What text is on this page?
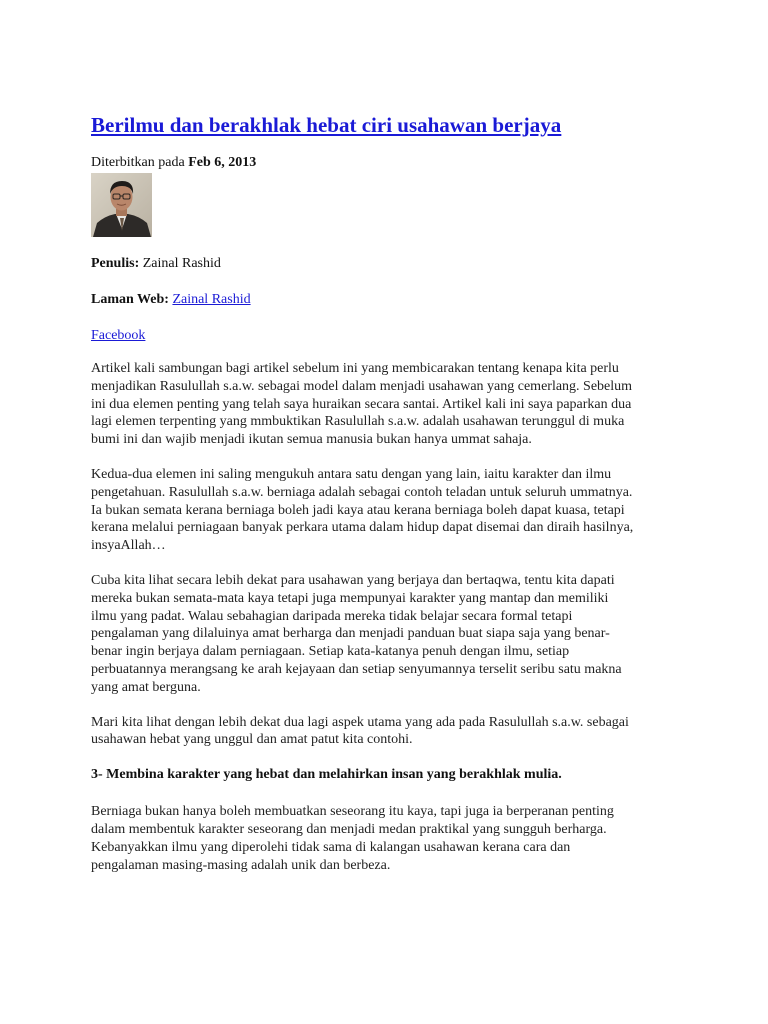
Berilmu dan berakhlak hebat ciri usahawan berjaya
Diterbitkan pada Feb 6, 2013
Penulis: Zainal Rashid
Laman Web: Zainal Rashid
Facebook
Artikel kali sambungan bagi artikel sebelum ini yang membicarakan tentang kenapa kita perlu
menjadikan Rasulullah s.a.w. sebagai model dalam menjadi usahawan yang cemerlang. Sebelum
ini dua elemen penting yang telah saya huraikan secara santai. Artikel kali ini saya paparkan dua
lagi elemen terpenting yang mmbuktikan Rasulullah s.a.w. adalah usahawan terunggul di muka
bumi ini dan wajib menjadi ikutan semua manusia bukan hanya ummat sahaja.
Kedua-dua elemen ini saling mengukuh antara satu dengan yang lain, iaitu karakter dan ilmu
pengetahuan. Rasulullah s.a.w. berniaga adalah sebagai contoh teladan untuk seluruh ummatnya.
Ia bukan semata kerana berniaga boleh jadi kaya atau kerana berniaga boleh dapat kuasa, tetapi
kerana melalui perniagaan banyak perkara utama dalam hidup dapat disemai dan diraih hasilnya,
insyaAllah…
Cuba kita lihat secara lebih dekat para usahawan yang berjaya dan bertaqwa, tentu kita dapati
mereka bukan semata-mata kaya tetapi juga mempunyai karakter yang mantap dan memiliki
ilmu yang padat. Walau sebahagian daripada mereka tidak belajar secara formal tetapi
pengalaman yang dilaluinya amat berharga dan menjadi panduan buat siapa saja yang benar-
benar ingin berjaya dalam perniagaan. Setiap kata-katanya penuh dengan ilmu, setiap
perbuatannya merangsang ke arah kejayaan dan setiap senyumannya terselit seribu satu makna
yang amat berguna.
Mari kita lihat dengan lebih dekat dua lagi aspek utama yang ada pada Rasulullah s.a.w. sebagai
usahawan hebat yang unggul dan amat patut kita contohi.
3- Membina karakter yang hebat dan melahirkan insan yang berakhlak mulia.
Berniaga bukan hanya boleh membuatkan seseorang itu kaya, tapi juga ia berperanan penting
dalam membentuk karakter seseorang dan menjadi medan praktikal yang sungguh berharga.
Kebanyakkan ilmu yang diperolehi tidak sama di kalangan usahawan kerana cara dan
pengalaman masing-masing adalah unik dan berbeza.
